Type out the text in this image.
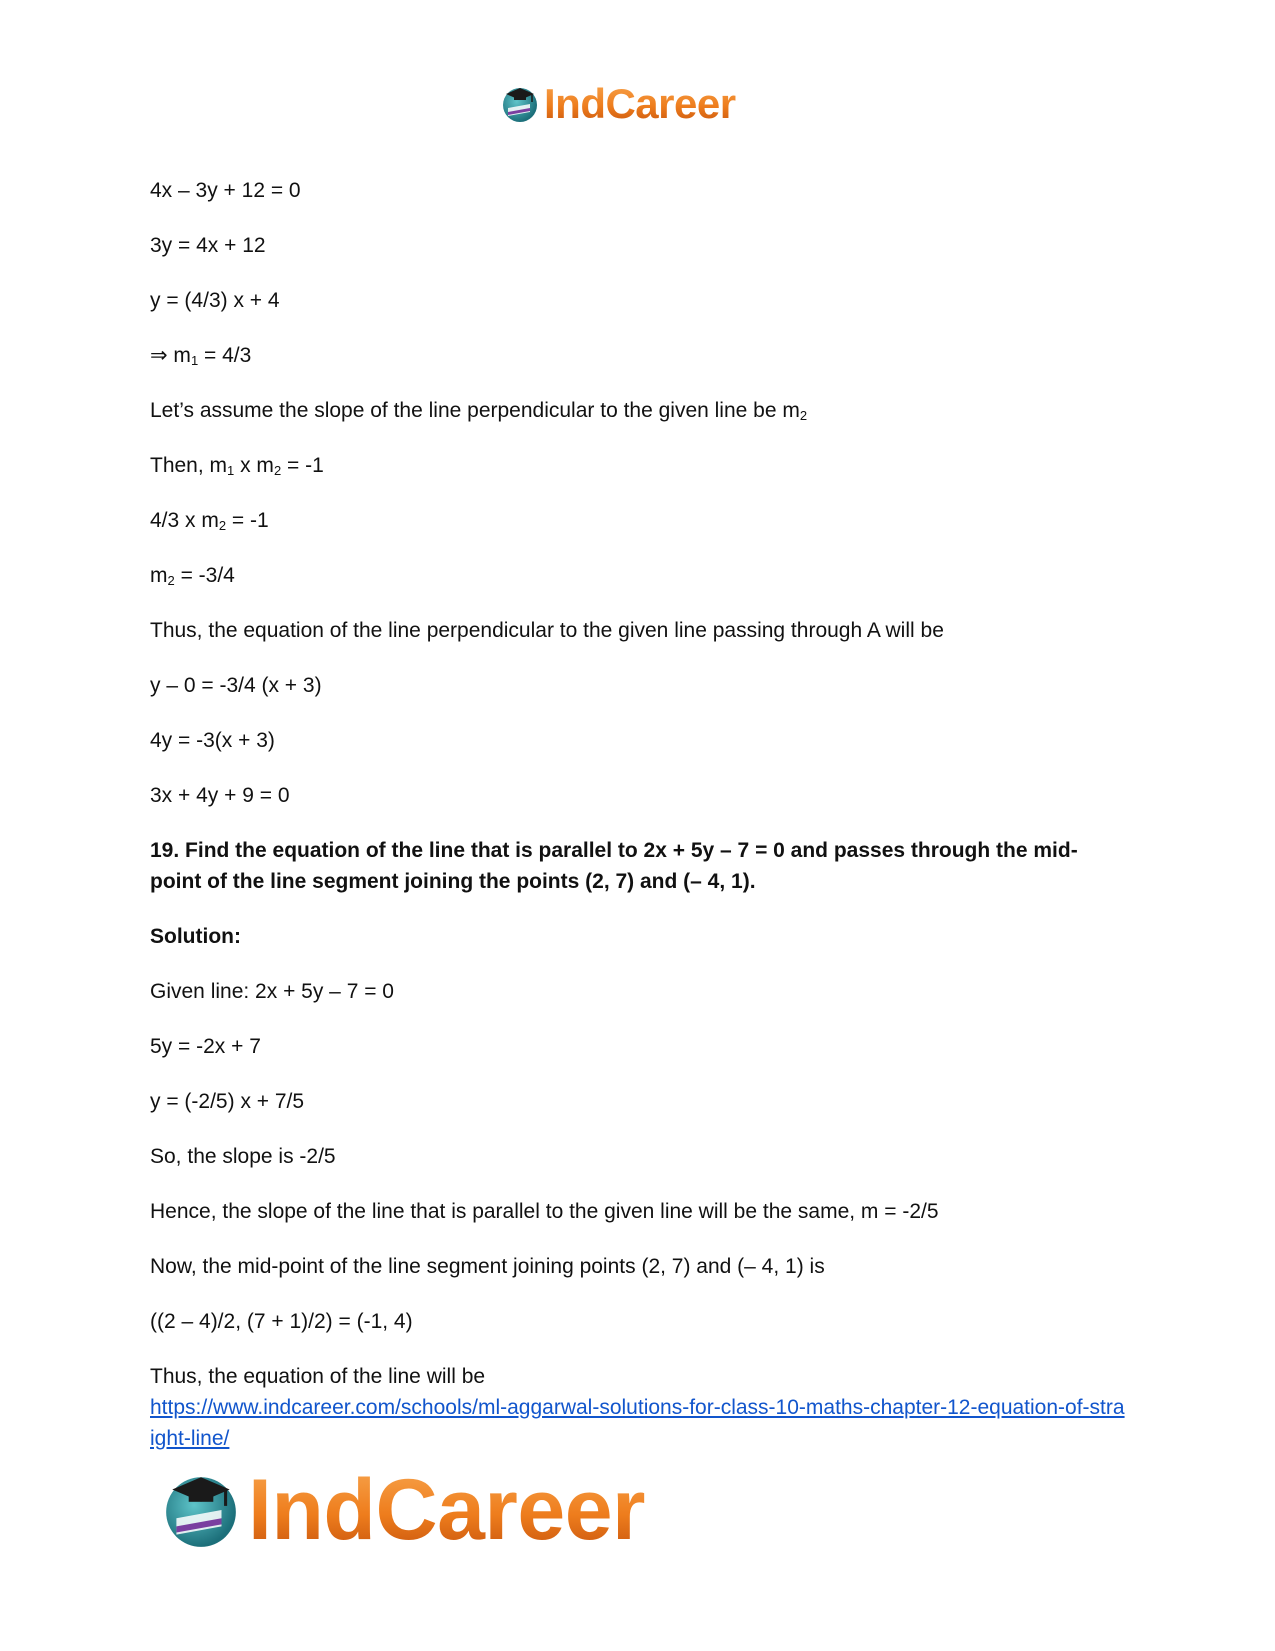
IndCareer

4x – 3y + 12 = 0

3y = 4x + 12

y = (4/3) x + 4

⇒ $m_1 = 4/3$

Let’s assume the slope of the line perpendicular to the given line be $m_2$

Then, $m_1$ x $m_2 = -1$

4/3 x $m_2 = -1$

$m_2 = -3/4$

Thus, the equation of the line perpendicular to the given line passing through A will be

y – 0 = -3/4 (x + 3)

4y = -3(x + 3)

3x + 4y + 9 = 0

19. Find the equation of the line that is parallel to 2x + 5y – 7 = 0 and passes through the mid-point of the line segment joining the points (2, 7) and (– 4, 1).

Solution:

Given line: 2x + 5y – 7 = 0

5y = -2x + 7

y = (-2/5) x + 7/5

So, the slope is -2/5

Hence, the slope of the line that is parallel to the given line will be the same, m = -2/5

Now, the mid-point of the line segment joining points (2, 7) and (– 4, 1) is

((2 – 4)/2, (7 + 1)/2) = (-1, 4)

Thus, the equation of the line will be

https://www.indcareer.com/schools/ml-aggarwal-solutions-for-class-10-maths-chapter-12-equation-of-straight-line/
IndCareer
